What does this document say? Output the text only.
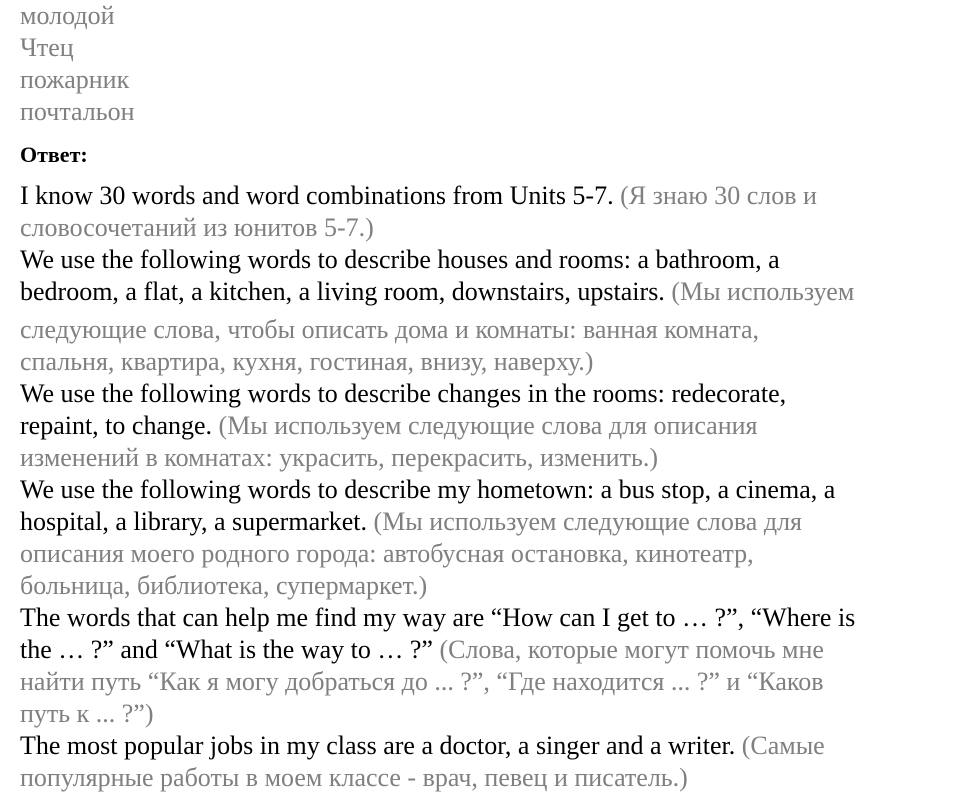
молодой
Чтец
пожарник
почтальон
Ответ:
I know 30 words and word combinations from Units 5-7. (Я знаю 30 слов и
словосочетаний из юнитов 5-7.)
We use the following words to describe houses and rooms: a bathroom, a
bedroom, a flat, a kitchen, a living room, downstairs, upstairs. (Мы используем
следующие слова, чтобы описать дома и комнаты: ванная комната,
спальня, квартира, кухня, гостиная, внизу, наверху.)
We use the following words to describe changes in the rooms: redecorate,
repaint, to change. (Мы используем следующие слова для описания
изменений в комнатах: украсить, перекрасить, изменить.)
We use the following words to describe my hometown: a bus stop, a cinema, a
hospital, a library, a supermarket. (Мы используем следующие слова для
описания моего родного города: автобусная остановка, кинотеатр,
больница, библиотека, супермаркет.)
The words that can help me find my way are “How can I get to … ?”, “Where is
the … ?” and “What is the way to … ?” (Слова, которые могут помочь мне
найти путь “Как я могу добраться до ... ?”, “Где находится ... ?” и “Каков
путь к ... ?”)
The most popular jobs in my class are a doctor, a singer and a writer. (Самые
популярные работы в моем классе - врач, певец и писатель.)
